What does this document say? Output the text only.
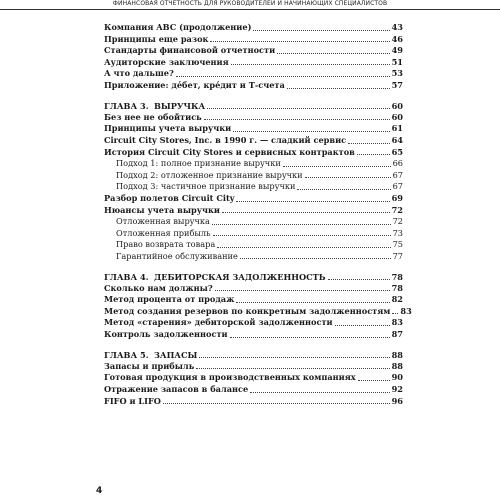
ФИНАНСОВАЯ ОТЧЕТНОСТЬ ДЛЯ РУКОВОДИТЕЛЕЙ И НАЧИНАЮЩИХ СПЕЦИАЛИСТОВ
Компания ABC (продолжение)	43
Принципы еще разок	46
Стандарты финансовой отчетности	49
Аудиторские заключения	51
А что дальше?	53
Приложение: дéбет, крéдит и Т-счета	57
ГЛАВА 3. ВЫРУЧКА	60
Без нее не обойтись	60
Принципы учета выручки	61
Circuit City Stores, Inc. в 1990 г. — сладкий сервис	64
История Circuit City Stores и сервисных контрактов	65
Подход 1: полное признание выручки	66
Подход 2: отложенное признание выручки	67
Подход 3: частичное признание выручки	67
Разбор полетов Circuit City	69
Нюансы учета выручки	72
Отложенная выручка	72
Отложенная прибыль	73
Право возврата товара	75
Гарантийное обслуживание	77
ГЛАВА 4. ДЕБИТОРСКАЯ ЗАДОЛЖЕННОСТЬ	78
Сколько нам должны?	78
Метод процента от продаж	82
Метод создания резервов по конкретным задолженностям 83
Метод «старения» дебиторской задолженности	83
Контроль задолженности	87
ГЛАВА 5. ЗАПАСЫ	88
Запасы и прибыль	88
Готовая продукция в производственных компаниях	90
Отражение запасов в балансе	92
FIFO и LIFO	96
4
